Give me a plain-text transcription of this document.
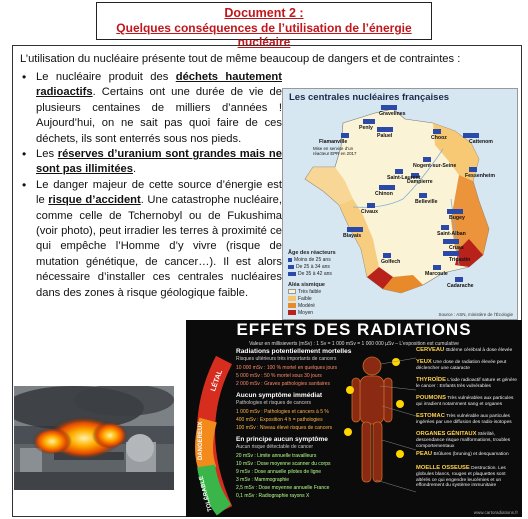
Document 2 :
Quelques conséquences de l’utilisation de l’énergie nucléaire

L’utilisation du nucléaire présente tout de même beaucoup de dangers et de contraintes :

• Le nucléaire produit des déchets hautement radioactifs. Certains ont une durée de vie de plusieurs centaines de milliers d’années ! Aujourd’hui, on ne sait pas quoi faire de ces déchets, ils sont enterrés sous nos pieds.
• Les réserves d’uranium sont grandes mais ne sont pas illimitées.
• Le danger majeur de cette source d’énergie est le risque d’accident. Une catastrophe nucléaire, comme celle de Tchernobyl ou de Fukushima (voir photo), peut irradier les terres à proximité ce qui empêche l’Homme d’y vivre (risque de mutation génétique, de cancer…). Il est alors nécessaire d’installer ces centrales nucléaires dans des zones à risque géologique faible.
Les centrales nucléaires françaises
Gravelines
Penly
Paluel
Flamanville
Mise en service d’un réacteur EPR en 2017
Chooz
Cattenom
Nogent-sur-Seine
Fessenheim
Saint-Laurent
Dampierre
Chinon
Belleville
Civaux
Bugey
Blayais	Saint-Alban
Cruas
Tricastin
Golfech
Marcoule
Cadarache
Âge des réacteurs
Moins de 25 ans
De 25 à 34 ans
De 35 à 42 ans
Aléa sismique
Très faible
Faible
Modéré
Moyen	Source : ASN, ministère de l’Écologie
EFFETS DES RADIATIONS
Valeur en millisieverts (mSv) : 1 Sv = 1 000 mSv = 1 000 000 µSv – L’exposition est cumulative
LÉTAL
DANGEREUX
TOLÉRABLE
Radiations potentiellement mortelles
Risques ultérieurs très importants de cancers
10 000 mSv : 100 % mortel en quelques jours
5 000 mSv : 50 % mortel sous 30 jours
2 000 mSv : Graves pathologies sanitaires
Aucun symptôme immédiat
Pathologies et risques de cancers
1 000 mSv : Pathologies et cancers à 5 %
400 mSv : Exposition 4 h = pathologies
100 mSv : Niveau élevé risques de cancers
En principe aucun symptôme
Aucun risque détectable de cancer
20 mSv : Limite annuelle travailleurs
10 mSv : Dose moyenne scanner du corps
9 mSv : Dose annuelle pilotes de ligne
3 mSv : Mammographie
2,5 mSv : Dose moyenne annuelle France
0,1 mSv : Radiographie rayons X
CERVEAU Œdème cérébral à dose élevée
YEUX Une dose de radiation élevée peut déclencher une cataracte
THYROÏDE L’iode radioactif sature et génère le cancer : Enfants très vulnérables
POUMONS Très vulnérables aux particules qui irradient notamment sang et organes
ESTOMAC Très vulnérable aux particules ingérées par une diffusion des radio-isotopes
ORGANES GÉNITAUX Stérilité, descendance risque malformations, troubles comportementaux
PEAU Brûlures (bruning) et desquamation
MOELLE OSSEUSE Destruction. Les globules blancs, rouges et plaquettes sont altérés ce qui engendre leucémies et un effondrement du système immunitaire
www.cartoradiations.fr
